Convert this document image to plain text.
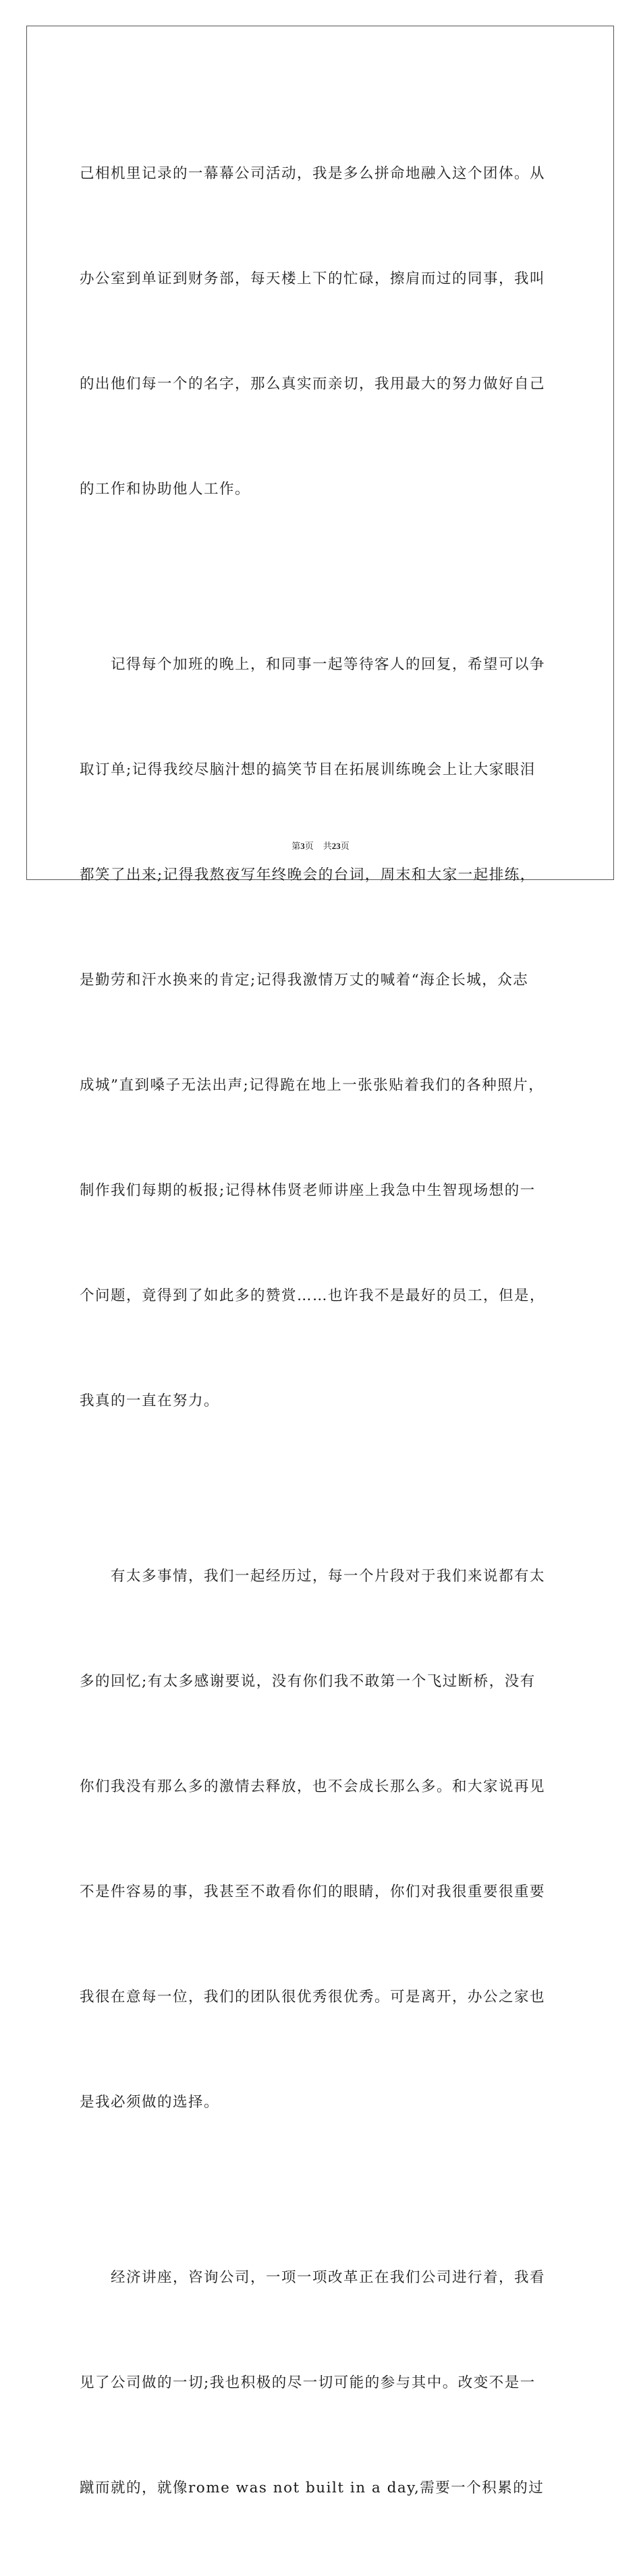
己相机里记录的一幕幕公司活动，我是多么拼命地融入这个团体。从

办公室到单证到财务部，每天楼上下的忙碌，擦肩而过的同事，我叫

的出他们每一个的名字，那么真实而亲切，我用最大的努力做好自己

的工作和协助他人工作。

记得每个加班的晚上，和同事一起等待客人的回复，希望可以争

取订单;记得我绞尽脑汁想的搞笑节目在拓展训练晚会上让大家眼泪

都笑了出来;记得我熬夜写年终晚会的台词，周末和大家一起排练，

是勤劳和汗水换来的肯定;记得我激情万丈的喊着“海企长城，众志

成城”直到嗓子无法出声;记得跪在地上一张张贴着我们的各种照片，

制作我们每期的板报;记得林伟贤老师讲座上我急中生智现场想的一

个问题，竟得到了如此多的赞赏……也许我不是最好的员工，但是，

我真的一直在努力。

有太多事情，我们一起经历过，每一个片段对于我们来说都有太

多的回忆;有太多感谢要说，没有你们我不敢第一个飞过断桥，没有

你们我没有那么多的激情去释放，也不会成长那么多。和大家说再见

不是件容易的事，我甚至不敢看你们的眼睛，你们对我很重要很重要

我很在意每一位，我们的团队很优秀很优秀。可是离开，办公之家也

是我必须做的选择。

经济讲座，咨询公司，一项一项改革正在我们公司进行着，我看

见了公司做的一切;我也积极的尽一切可能的参与其中。改变不是一

蹴而就的，就像rome was not built in a day,需要一个积累的过

第3页 共23页
